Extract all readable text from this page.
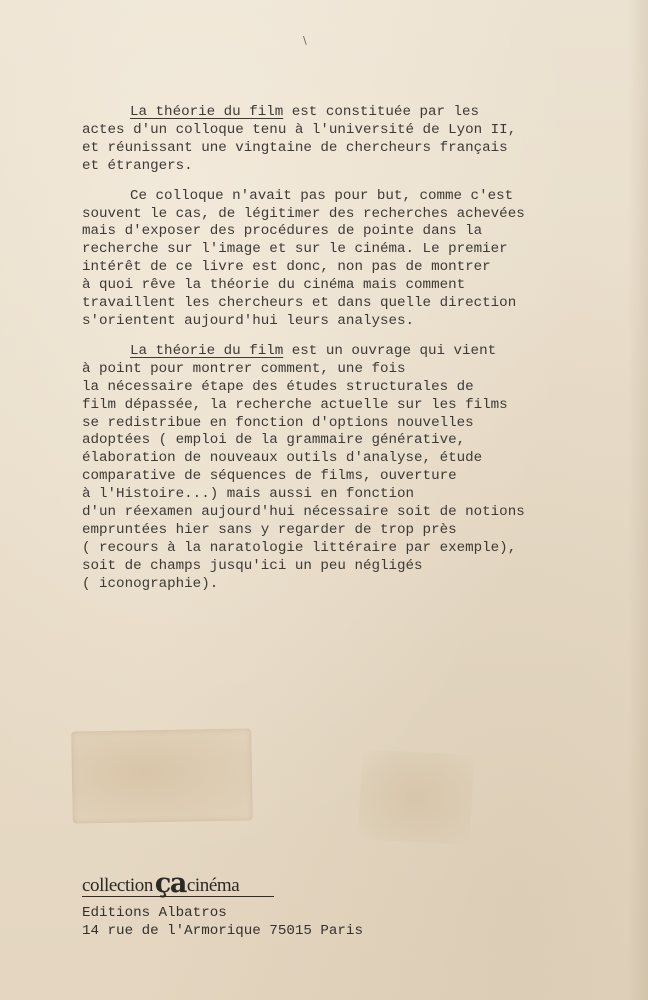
\
La théorie du film est constituée par les
actes d'un colloque tenu à l'université de Lyon II,
et réunissant une vingtaine de chercheurs français
et étrangers.
Ce colloque n'avait pas pour but, comme c'est
souvent le cas, de légitimer des recherches achevées
mais d'exposer des procédures de pointe dans la
recherche sur l'image et sur le cinéma. Le premier
intérêt de ce livre est donc, non pas de montrer
à quoi rêve la théorie du cinéma mais comment
travaillent les chercheurs et dans quelle direction
s'orientent aujourd'hui leurs analyses.
La théorie du film est un ouvrage qui vient
à point pour montrer comment, une fois
la nécessaire étape des études structurales de
film dépassée, la recherche actuelle sur les films
se redistribue en fonction d'options nouvelles
adoptées ( emploi de la grammaire générative,
élaboration de nouveaux outils d'analyse, étude
comparative de séquences de films, ouverture
à l'Histoire...) mais aussi en fonction
d'un réexamen aujourd'hui nécessaire soit de notions
empruntées hier sans y regarder de trop près
( recours à la naratologie littéraire par exemple),
soit de champs jusqu'ici un peu négligés
( iconographie).
collectionçacinéma
Editions Albatros
14 rue de l'Armorique 75015 Paris
